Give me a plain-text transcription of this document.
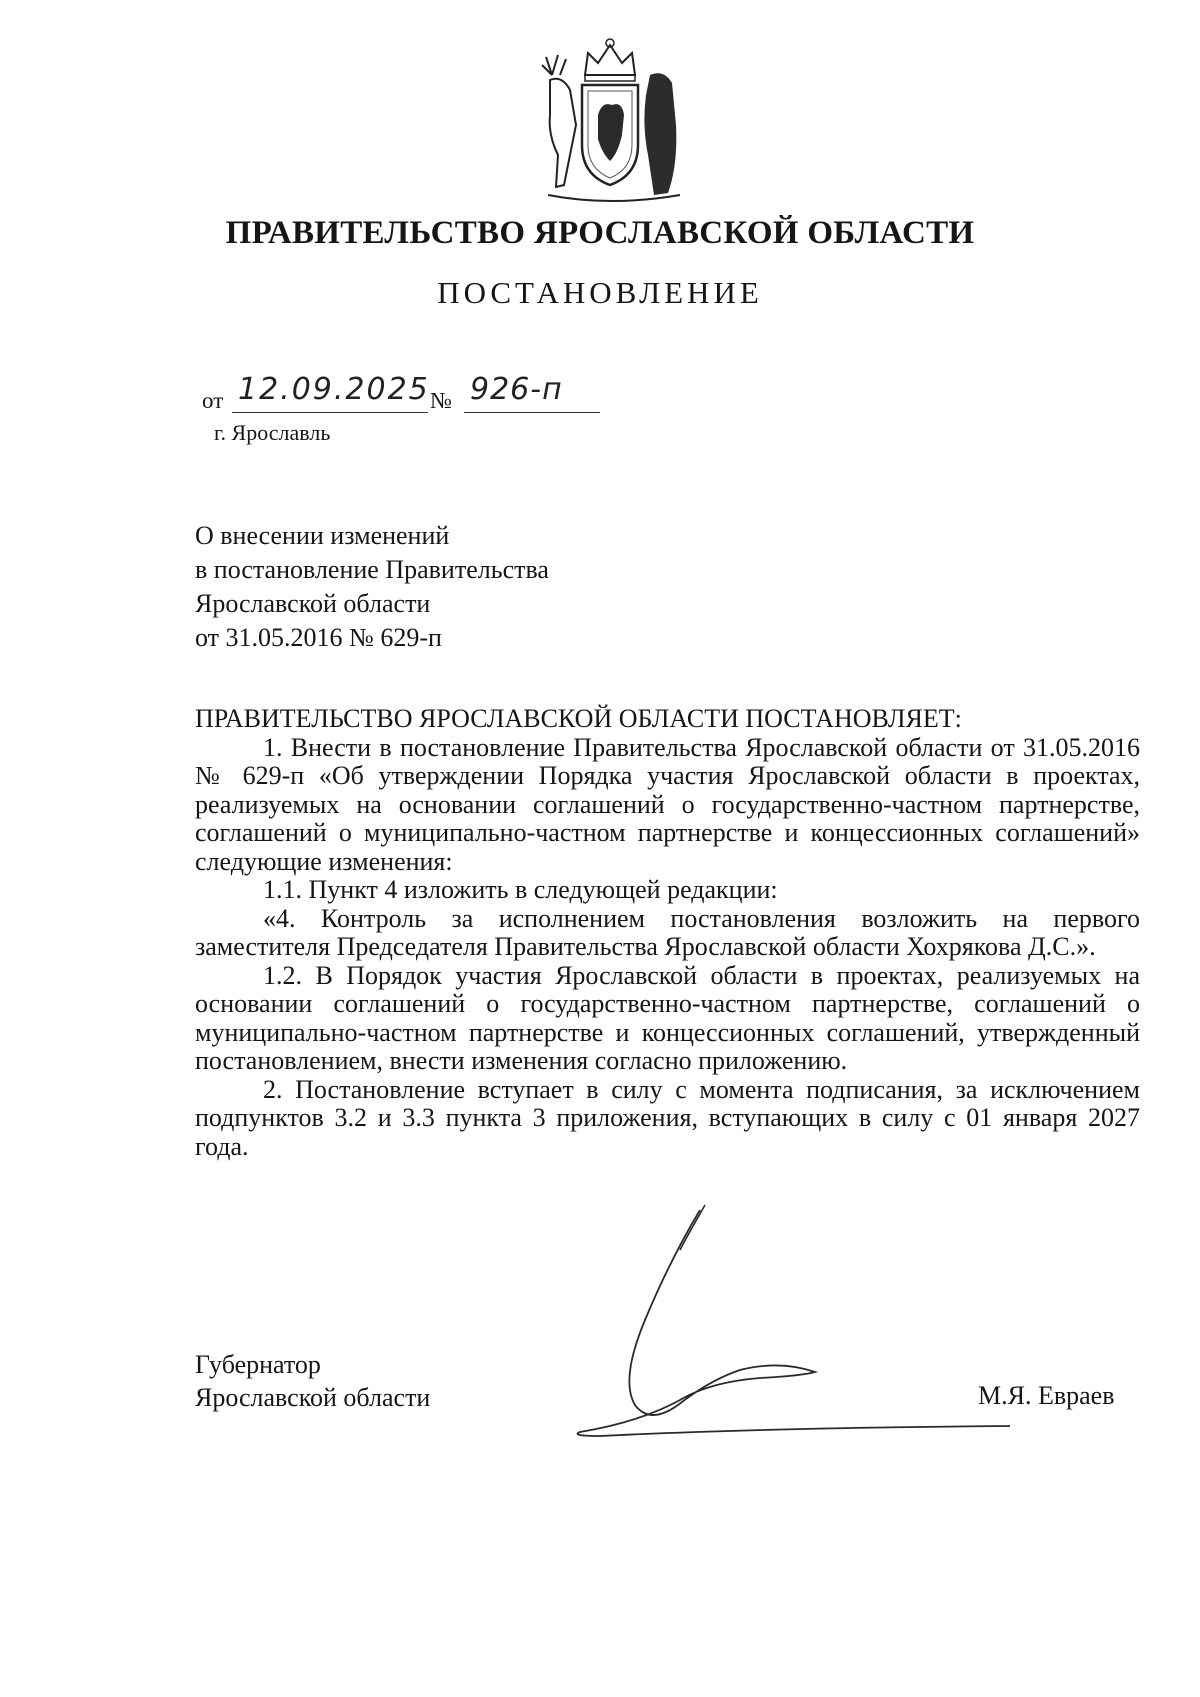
ПРАВИТЕЛЬСТВО ЯРОСЛАВСКОЙ ОБЛАСТИ
ПОСТАНОВЛЕНИЕ
от 12.09.2025 № 926-п
г. Ярославль
О внесении изменений
в постановление Правительства
Ярославской области
от 31.05.2016 № 629-п

ПРАВИТЕЛЬСТВО ЯРОСЛАВСКОЙ ОБЛАСТИ ПОСТАНОВЛЯЕТ:

1. Внести в постановление Правительства Ярославской области от 31.05.2016 № 629-п «Об утверждении Порядка участия Ярославской области в проектах, реализуемых на основании соглашений о государственно-частном партнерстве, соглашений о муниципально-частном партнерстве и концессионных соглашений» следующие изменения:

1.1. Пункт 4 изложить в следующей редакции:

«4. Контроль за исполнением постановления возложить на первого заместителя Председателя Правительства Ярославской области Хохрякова Д.С.».

1.2. В Порядок участия Ярославской области в проектах, реализуемых на основании соглашений о государственно-частном партнерстве, соглашений о муниципально-частном партнерстве и концессионных соглашений, утвержденный постановлением, внести изменения согласно приложению.

2. Постановление вступает в силу с момента подписания, за исключением подпунктов 3.2 и 3.3 пункта 3 приложения, вступающих в силу с 01 января 2027 года.

Губернатор
Ярославской области	М.Я. Евраев
